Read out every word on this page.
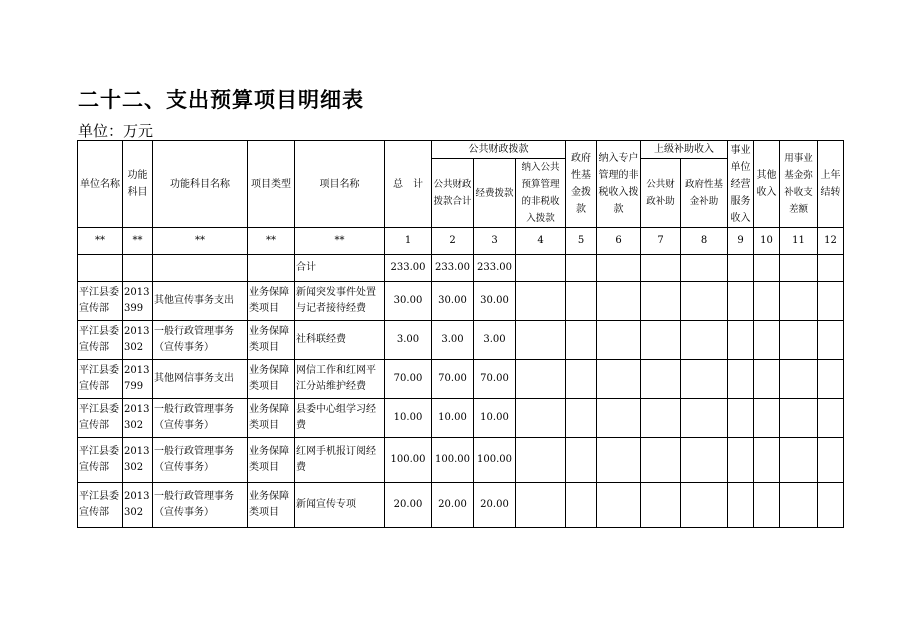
二十二、支出预算项目明细表
单位：万元
单位名称	功能科目	功能科目名称	项目类型	项目名称	总　计	公共财政拨款			政府性基金拨款	纳入专户管理的非税收入拨款	上级补助收入		事业单位经营服务收入	其他收入	用事业基金弥补收支差额	上年结转
						公共财政拨款合计	经费拨款	纳入公共预算管理的非税收入拨款			公共财政补助	政府性基金补助				
**	**	**	**	**	1	2	3	4	5	6	7	8	9	10	11	12
				合计	233.00	233.00	233.00									
平江县委宣传部	2013399	其他宣传事务支出	业务保障类项目	新闻突发事件处置与记者接待经费	30.00	30.00	30.00									
平江县委宣传部	2013302	一般行政管理事务（宣传事务）	业务保障类项目	社科联经费	3.00	3.00	3.00									
平江县委宣传部	2013799	其他网信事务支出	业务保障类项目	网信工作和红网平江分站维护经费	70.00	70.00	70.00									
平江县委宣传部	2013302	一般行政管理事务（宣传事务）	业务保障类项目	县委中心组学习经费	10.00	10.00	10.00									
平江县委宣传部	2013302	一般行政管理事务（宣传事务）	业务保障类项目	红网手机报订阅经费	100.00	100.00	100.00									
平江县委宣传部	2013302	一般行政管理事务（宣传事务）	业务保障类项目	新闻宣传专项	20.00	20.00	20.00									
